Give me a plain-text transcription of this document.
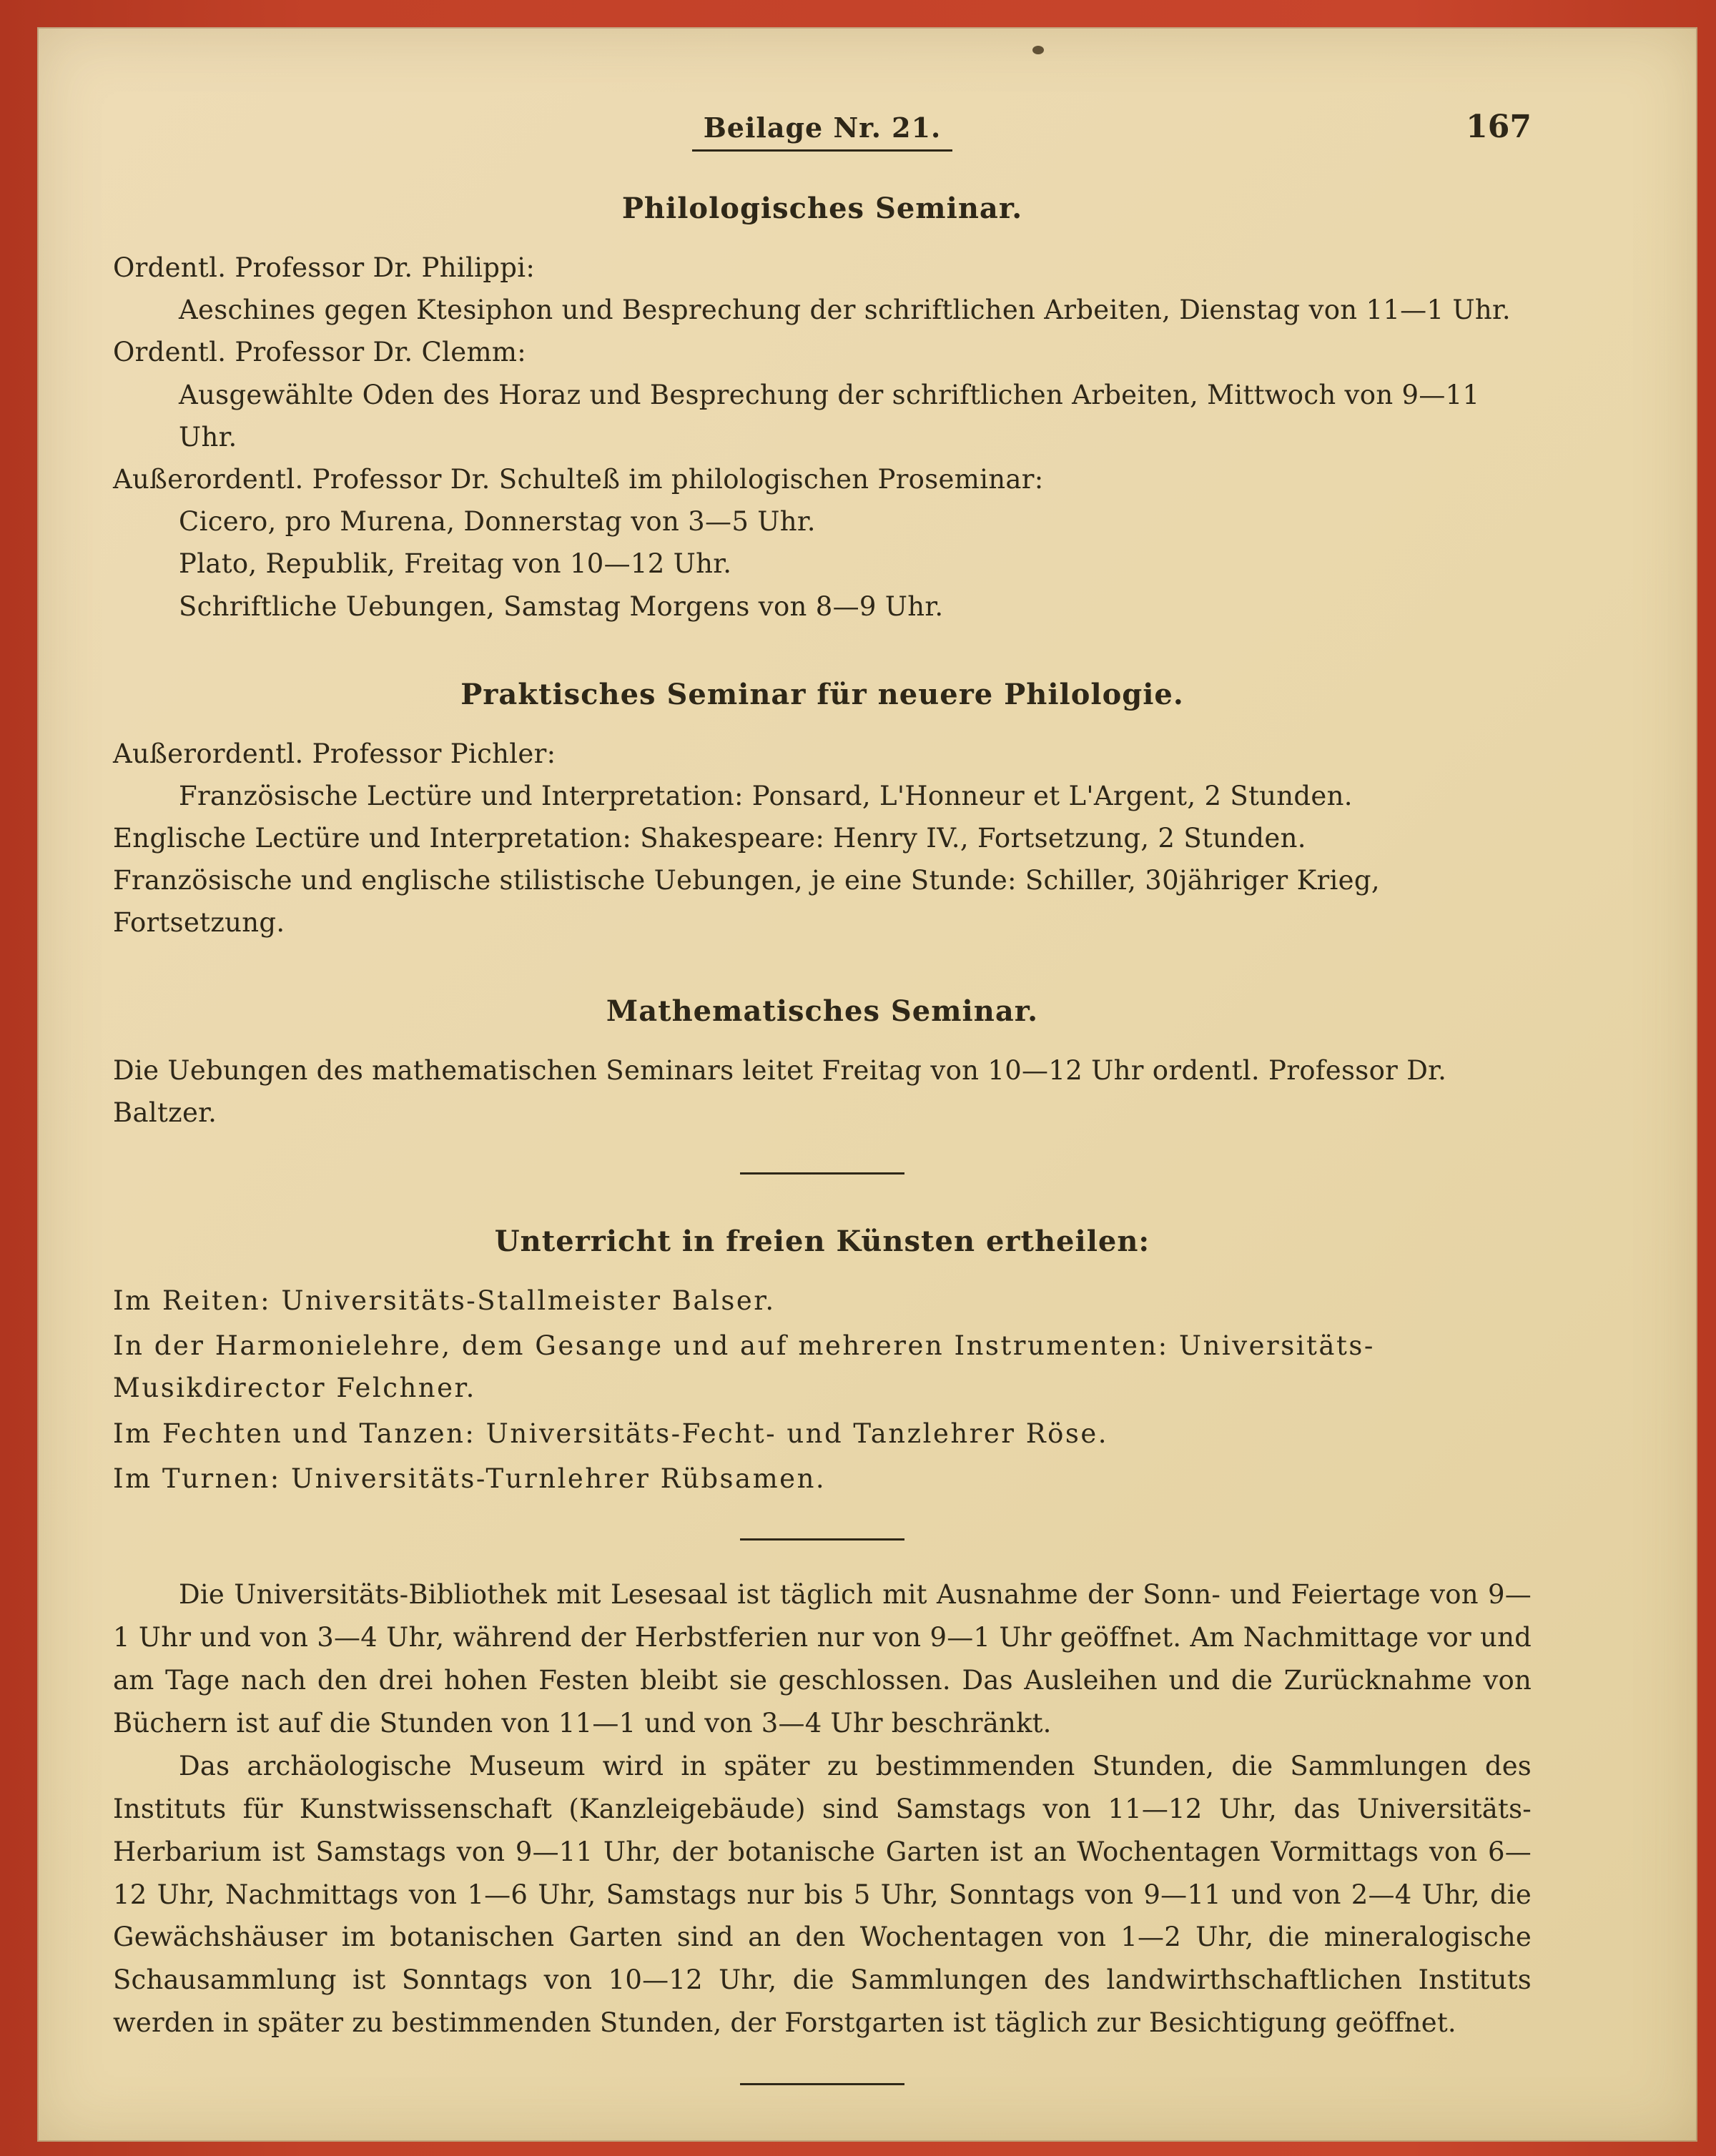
Beilage Nr. 21.	167
Philologisches Seminar.
Ordentl. Professor Dr. Philippi:
Aeschines gegen Ktesiphon und Besprechung der schriftlichen Arbeiten, Dienstag von 11—1 Uhr.
Ordentl. Professor Dr. Clemm:
Ausgewählte Oden des Horaz und Besprechung der schriftlichen Arbeiten, Mittwoch von 9—11 Uhr.
Außerordentl. Professor Dr. Schulteß im philologischen Proseminar:
Cicero, pro Murena, Donnerstag von 3—5 Uhr.
Plato, Republik, Freitag von 10—12 Uhr.
Schriftliche Uebungen, Samstag Morgens von 8—9 Uhr.
Praktisches Seminar für neuere Philologie.
Außerordentl. Professor Pichler:
Französische Lectüre und Interpretation: Ponsard, L'Honneur et L'Argent, 2 Stunden.
Englische Lectüre und Interpretation: Shakespeare: Henry IV., Fortsetzung, 2 Stunden.
Französische und englische stilistische Uebungen, je eine Stunde: Schiller, 30jähriger Krieg, Fortsetzung.
Mathematisches Seminar.
Die Uebungen des mathematischen Seminars leitet Freitag von 10—12 Uhr ordentl. Professor Dr. Baltzer.
Unterricht in freien Künsten ertheilen:
Im Reiten: Universitäts-Stallmeister Balser.
In der Harmonielehre, dem Gesange und auf mehreren Instrumenten: Universitäts-Musikdirector Felchner.
Im Fechten und Tanzen: Universitäts-Fecht- und Tanzlehrer Röse.
Im Turnen: Universitäts-Turnlehrer Rübsamen.

Die Universitäts-Bibliothek mit Lesesaal ist täglich mit Ausnahme der Sonn- und Feiertage von 9—1 Uhr und von 3—4 Uhr, während der Herbstferien nur von 9—1 Uhr geöffnet. Am Nachmittage vor und am Tage nach den drei hohen Festen bleibt sie geschlossen. Das Ausleihen und die Zurücknahme von Büchern ist auf die Stunden von 11—1 und von 3—4 Uhr beschränkt.

Das archäologische Museum wird in später zu bestimmenden Stunden, die Sammlungen des Instituts für Kunstwissenschaft (Kanzleigebäude) sind Samstags von 11—12 Uhr, das Universitäts-Herbarium ist Samstags von 9—11 Uhr, der botanische Garten ist an Wochentagen Vormittags von 6—12 Uhr, Nachmittags von 1—6 Uhr, Samstags nur bis 5 Uhr, Sonntags von 9—11 und von 2—4 Uhr, die Gewächshäuser im botanischen Garten sind an den Wochentagen von 1—2 Uhr, die mineralogische Schausammlung ist Sonntags von 10—12 Uhr, die Sammlungen des landwirthschaftlichen Instituts werden in später zu bestimmenden Stunden, der Forstgarten ist täglich zur Besichtigung geöffnet.
